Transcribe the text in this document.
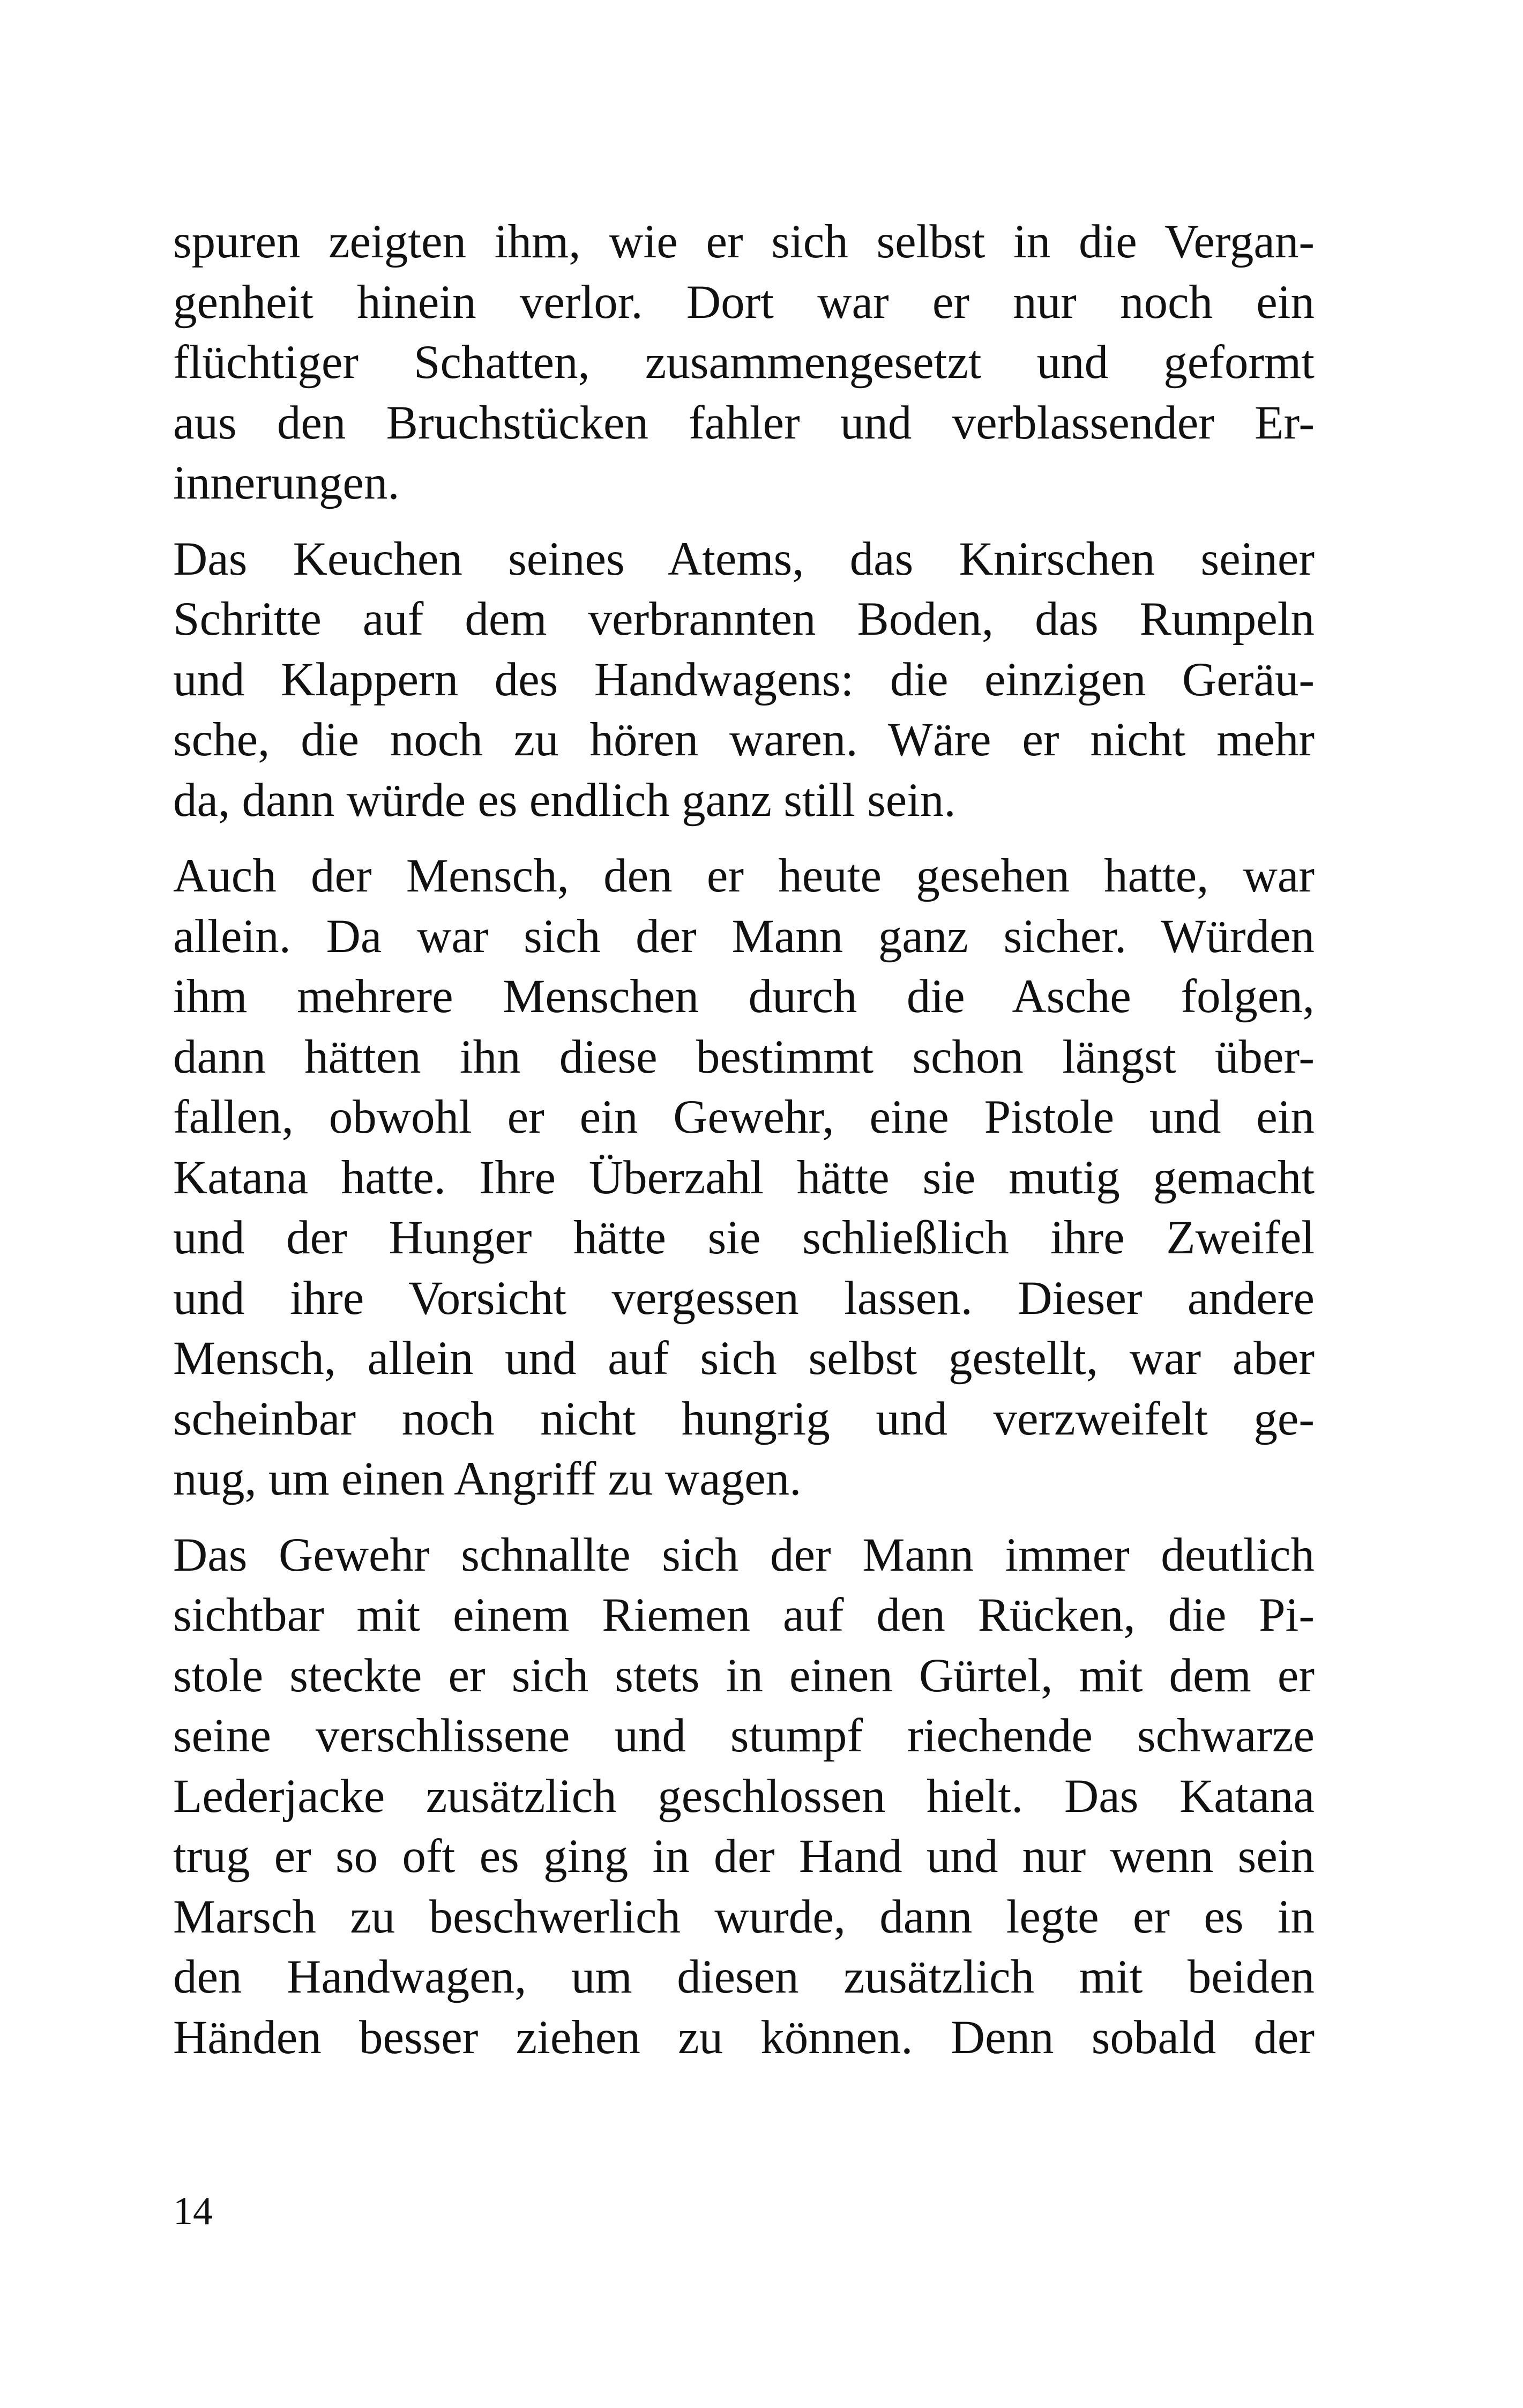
spuren zeigten ihm, wie er sich selbst in die Vergan-
genheit hinein verlor. Dort war er nur noch ein
flüchtiger Schatten, zusammengesetzt und geformt
aus den Bruchstücken fahler und verblassender Er-
innerungen.

Das Keuchen seines Atems, das Knirschen seiner
Schritte auf dem verbrannten Boden, das Rumpeln
und Klappern des Handwagens: die einzigen Geräu-
sche, die noch zu hören waren. Wäre er nicht mehr
da, dann würde es endlich ganz still sein.

Auch der Mensch, den er heute gesehen hatte, war
allein. Da war sich der Mann ganz sicher. Würden
ihm mehrere Menschen durch die Asche folgen,
dann hätten ihn diese bestimmt schon längst über-
fallen, obwohl er ein Gewehr, eine Pistole und ein
Katana hatte. Ihre Überzahl hätte sie mutig gemacht
und der Hunger hätte sie schließlich ihre Zweifel
und ihre Vorsicht vergessen lassen. Dieser andere
Mensch, allein und auf sich selbst gestellt, war aber
scheinbar noch nicht hungrig und verzweifelt ge-
nug, um einen Angriff zu wagen.

Das Gewehr schnallte sich der Mann immer deutlich
sichtbar mit einem Riemen auf den Rücken, die Pi-
stole steckte er sich stets in einen Gürtel, mit dem er
seine verschlissene und stumpf riechende schwarze
Lederjacke zusätzlich geschlossen hielt. Das Katana
trug er so oft es ging in der Hand und nur wenn sein
Marsch zu beschwerlich wurde, dann legte er es in
den Handwagen, um diesen zusätzlich mit beiden
Händen besser ziehen zu können. Denn sobald der

14
